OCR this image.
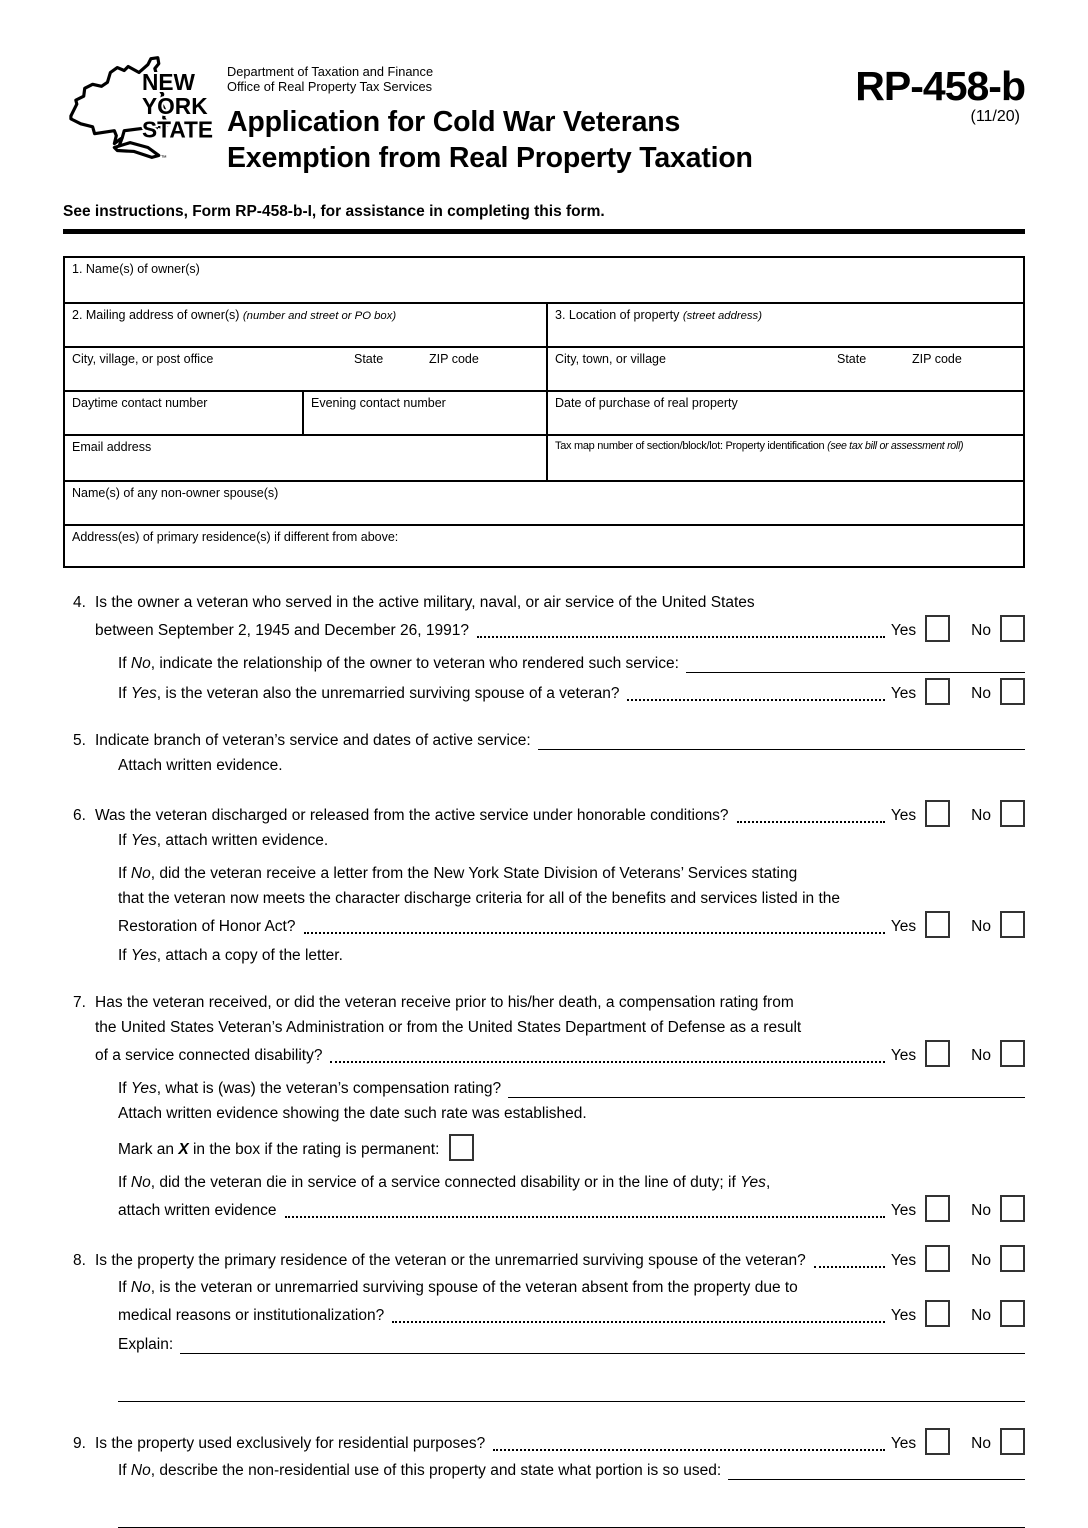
NEW
YORK
STATE
™
Department of Taxation and Finance
Office of Real Property Tax Services
Application for Cold War Veterans
Exemption from Real Property Taxation
RP-458-b
(11/20)
See instructions, Form RP-458-b-I, for assistance in completing this form.
1. Name(s) of owner(s)
2. Mailing address of owner(s) (number and street or PO box)	3. Location of property (street address)
City, village, or post office	State	ZIP code	City, town, or village	State	ZIP code
Daytime contact number	Evening contact number	Date of purchase of real property
Email address	Tax map number of section/block/lot: Property identification (see tax bill or assessment roll)
Name(s) of any non-owner spouse(s)
Address(es) of primary residence(s) if different from above:
4. Is the owner a veteran who served in the active military, naval, or air service of the United States
between September 2, 1945 and December 26, 1991?	Yes	No
If No, indicate the relationship of the owner to veteran who rendered such service:
If Yes, is the veteran also the unremarried surviving spouse of a veteran?	Yes	No
5. Indicate branch of veteran’s service and dates of active service:
Attach written evidence.
6. Was the veteran discharged or released from the active service under honorable conditions?	Yes	No
If Yes, attach written evidence.
If No, did the veteran receive a letter from the New York State Division of Veterans’ Services stating
that the veteran now meets the character discharge criteria for all of the benefits and services listed in the
Restoration of Honor Act?	Yes	No
If Yes, attach a copy of the letter.
7. Has the veteran received, or did the veteran receive prior to his/her death, a compensation rating from
the United States Veteran’s Administration or from the United States Department of Defense as a result
of a service connected disability?	Yes	No
If Yes, what is (was) the veteran’s compensation rating?
Attach written evidence showing the date such rate was established.
Mark an X in the box if the rating is permanent:
If No, did the veteran die in service of a service connected disability or in the line of duty; if Yes,
attach written evidence	Yes	No
8. Is the property the primary residence of the veteran or the unremarried surviving spouse of the veteran?	Yes	No
If No, is the veteran or unremarried surviving spouse of the veteran absent from the property due to
medical reasons or institutionalization?	Yes	No
Explain:
9. Is the property used exclusively for residential purposes?	Yes	No
If No, describe the non-residential use of this property and state what portion is so used:
